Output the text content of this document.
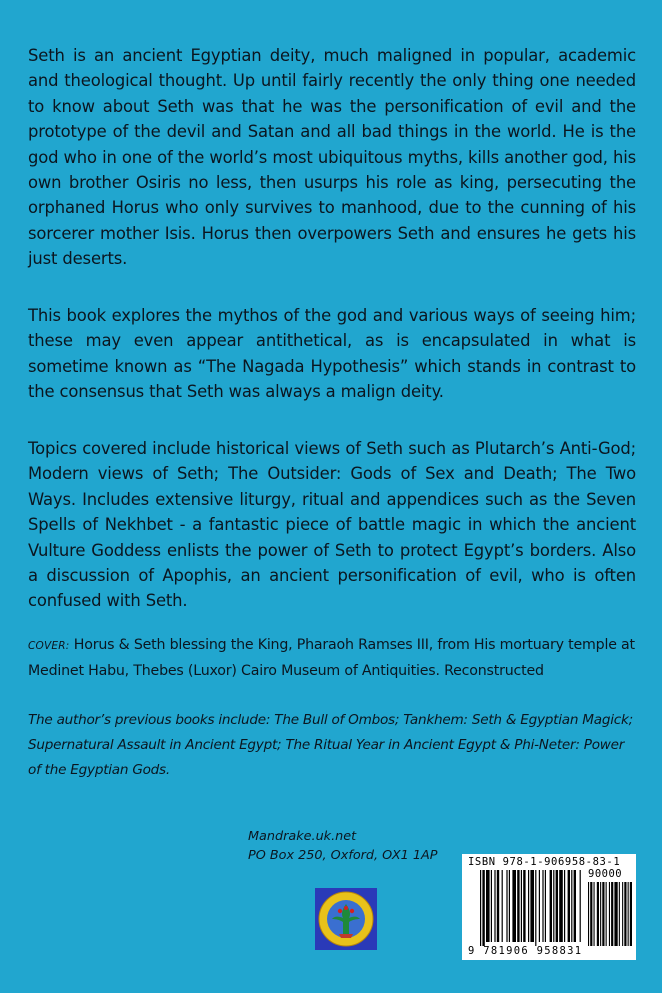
Seth is an ancient Egyptian deity, much maligned in popular, academic and theological thought. Up until fairly recently the only thing one needed to know about Seth was that he was the personification of evil and the prototype of the devil and Satan and all bad things in the world. He is the god who in one of the world’s most ubiquitous myths, kills another god, his own brother Osiris no less, then usurps his role as king, persecuting the orphaned Horus who only survives to manhood, due to the cunning of his sorcerer mother Isis. Horus then overpowers Seth and ensures he gets his just deserts.

This book explores the mythos of the god and various ways of seeing him; these may even appear antithetical, as is encapsulated in what is sometime known as “The Nagada Hypothesis” which stands in contrast to the consensus that Seth was always a malign deity.

Topics covered include historical views of Seth such as Plutarch’s Anti-God; Modern views of Seth; The Outsider: Gods of Sex and Death; The Two Ways. Includes extensive liturgy, ritual and appendices such as the Seven Spells of Nekhbet - a fantastic piece of battle magic in which the ancient Vulture Goddess enlists the power of Seth to protect Egypt’s borders. Also a discussion of Apophis, an ancient personification of evil, who is often confused with Seth.

COVER: Horus & Seth blessing the King, Pharaoh Ramses III, from His mortuary temple at Medinet Habu, Thebes (Luxor) Cairo Museum of Antiquities. Reconstructed

The author’s previous books include: The Bull of Ombos; Tankhem: Seth & Egyptian Magick; Supernatural Assault in Ancient Egypt; The Ritual Year in Ancient Egypt & Phi-Neter: Power of the Egyptian Gods.

Mandrake.uk.net

PO Box 250, Oxford, OX1 1AP	ISBN 978-1-906958-83-1
90000
9 781906 958831
